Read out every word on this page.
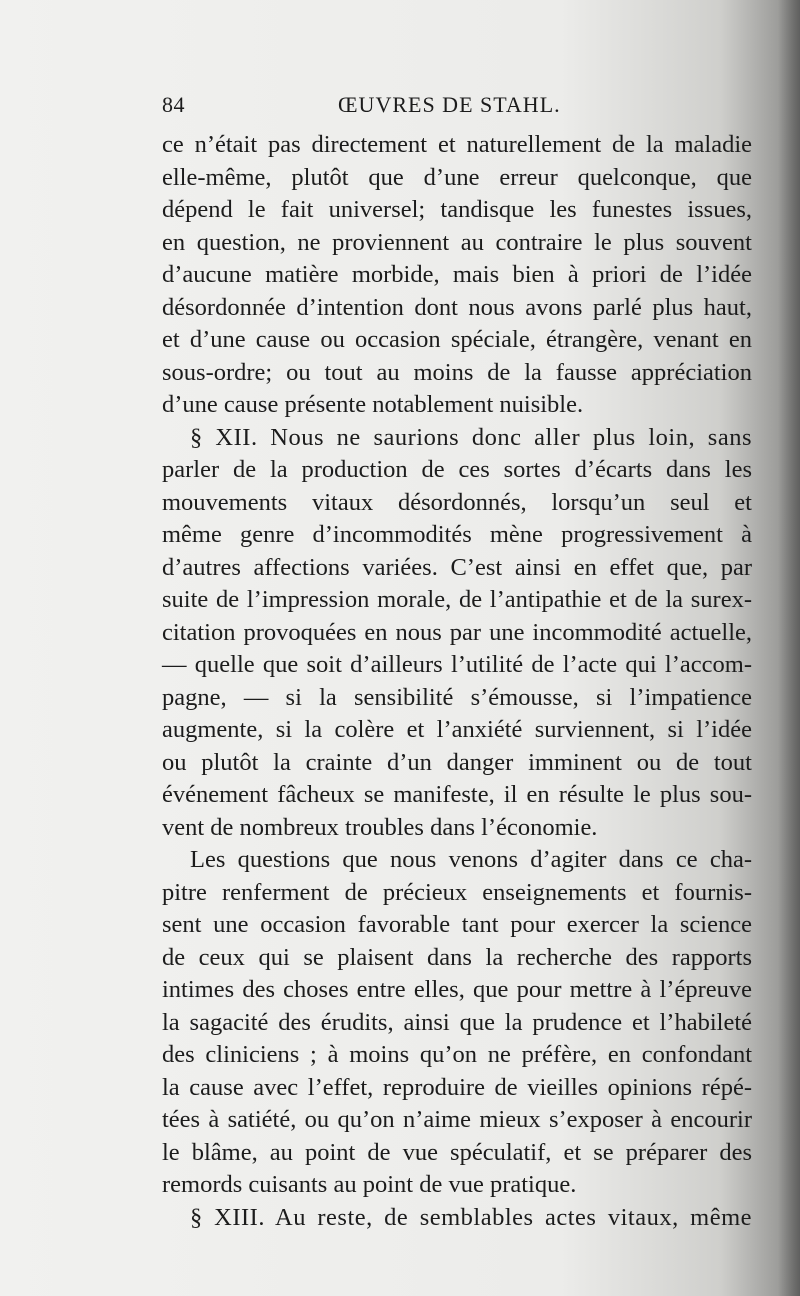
84	ŒUVRES DE STAHL.
ce n’était pas directement et naturellement de la maladie
elle-même, plutôt que d’une erreur quelconque, que
dépend le fait universel; tandisque les funestes issues,
en question, ne proviennent au contraire le plus souvent
d’aucune matière morbide, mais bien à priori de l’idée
désordonnée d’intention dont nous avons parlé plus haut,
et d’une cause ou occasion spéciale, étrangère, venant en
sous-ordre; ou tout au moins de la fausse appréciation
d’une cause présente notablement nuisible.
§ XII. Nous ne saurions donc aller plus loin, sans
parler de la production de ces sortes d’écarts dans les
mouvements vitaux désordonnés, lorsqu’un seul et
même genre d’incommodités mène progressivement à
d’autres affections variées. C’est ainsi en effet que, par
suite de l’impression morale, de l’antipathie et de la surex-
citation provoquées en nous par une incommodité actuelle,
— quelle que soit d’ailleurs l’utilité de l’acte qui l’accom-
pagne, — si la sensibilité s’émousse, si l’impatience
augmente, si la colère et l’anxiété surviennent, si l’idée
ou plutôt la crainte d’un danger imminent ou de tout
événement fâcheux se manifeste, il en résulte le plus sou-
vent de nombreux troubles dans l’économie.
Les questions que nous venons d’agiter dans ce cha-
pitre renferment de précieux enseignements et fournis-
sent une occasion favorable tant pour exercer la science
de ceux qui se plaisent dans la recherche des rapports
intimes des choses entre elles, que pour mettre à l’épreuve
la sagacité des érudits, ainsi que la prudence et l’habileté
des cliniciens ; à moins qu’on ne préfère, en confondant
la cause avec l’effet, reproduire de vieilles opinions répé-
tées à satiété, ou qu’on n’aime mieux s’exposer à encourir
le blâme, au point de vue spéculatif, et se préparer des
remords cuisants au point de vue pratique.
§ XIII. Au reste, de semblables actes vitaux, même
